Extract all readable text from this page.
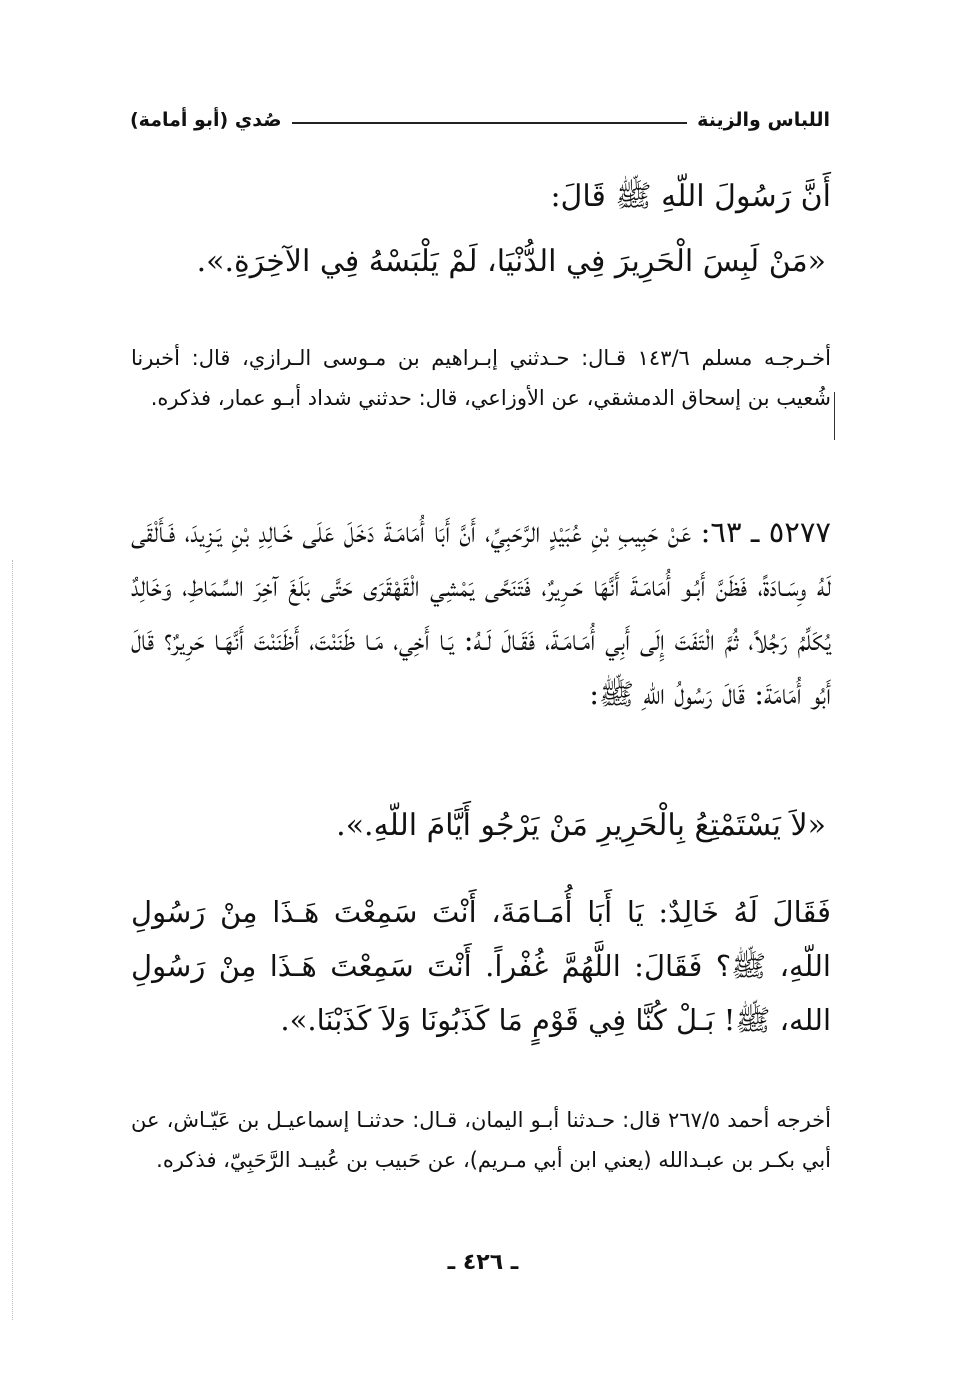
اللباس والزينة
صُدي (أبو أمامة)
أَنَّ رَسُولَ اللّهِ ﷺ قَالَ:
«مَنْ لَبِسَ الْحَرِيرَ فِي الدُّنْيَا، لَمْ يَلْبَسْهُ فِي الآخِرَةِ.».
أخـرجـه مسلم ١٤٣/٦ قـال: حـدثني إبـراهيم بن مـوسى الـرازي، قال: أخبرنا شُعيب بن إسحاق الدمشقي، عن الأوزاعي، قال: حدثني شداد أبـو عمار، فذكره.
٥٢٧٧ ـ ٦٣: عَنْ حَبِيبِ بْنِ عُبَيْدٍ الرَّحَبِيِّ، أَنَّ أَبَا أُمَامَـةَ دَخَلَ عَلَى خَـالِدِ بْنِ يَـزِيدَ، فَـأَلْقَى لَهُ وِسَـادَةً، فَظَنَّ أَبُـو أُمَامَـةَ أَنَّهَا حَـرِيرٌ، فَتَنَحَّى يَمْشِي الْقَهْقَرَى حَتَّى بَلَغَ آخِرَ السِّمَاطِ، وَخَالِدٌ يُكَلِّمُ رَجُلاً، ثُمَّ الْتَفَتَ إِلَى أَبِي أُمَـامَـةَ، فَقَـالَ لَـهُ: يَـا أَخِي، مَـا ظَنَنْتَ، أَظَنَنْتَ أَنَّهَـا حَرِيرٌ؟ قَالَ أَبُو أُمَامَةَ: قَالَ رَسُولُ اللّهِ ﷺ:
«لاَ يَسْتَمْتِعُ بِالْحَرِيرِ مَنْ يَرْجُو أَيَّامَ اللّهِ.».
فَقَالَ لَهُ خَالِدٌ: يَا أَبَا أُمَـامَةَ، أَنْتَ سَمِعْتَ هَـذَا مِنْ رَسُولِ اللّهِ، ﷺ؟ فَقَالَ: اللَّهُمَّ غُفْراً. أَنْتَ سَمِعْتَ هَـذَا مِنْ رَسُولِ الله، ﷺ! بَـلْ كُنَّا فِي قَوْمٍ مَا كَذَبُونَا وَلاَ كَذَبْنَا.».
أخرجه أحمد ٢٦٧/٥ قال: حـدثنا أبـو اليمان، قـال: حدثنـا إسماعيـل بن عَيّـاش، عن أبي بكـر بن عبـدالله (يعني ابن أبي مـريم)، عن حَبيب بن عُبيـد الرَّحَبِيّ، فذكره.
ـ ٤٢٦ ـ
